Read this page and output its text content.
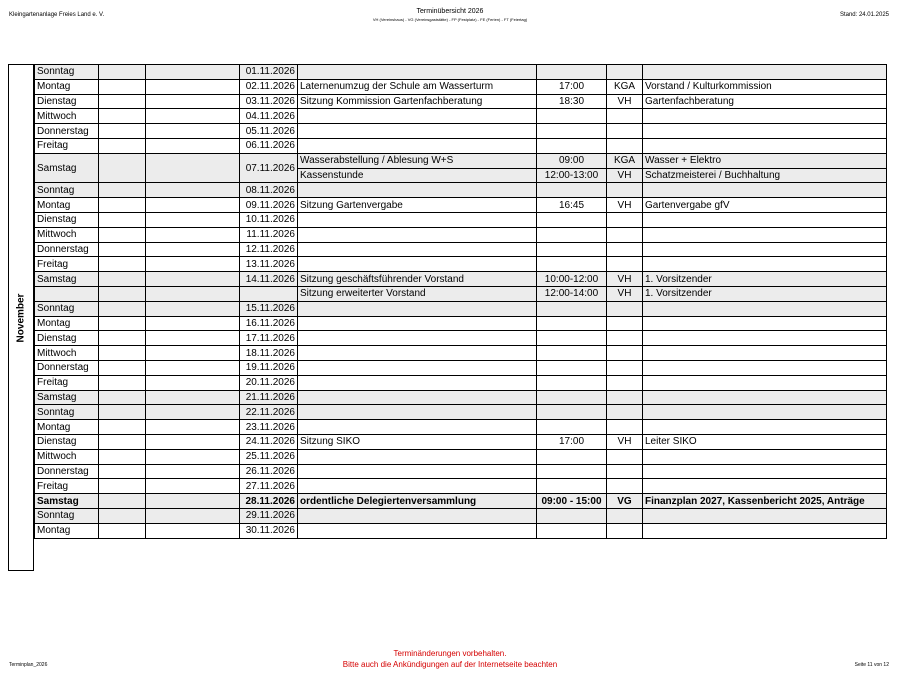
Kleingartenanlage Freies Land e. V.	Terminübersicht 2026
VH (Vereinshaus) - VG (Vereinsgaststätte) - FP (Festplatz) - FE (Ferien) - FT (Feiertag)
Stand: 24.01.2025
November
Sonntag			01.11.2026				
Montag			02.11.2026	Laternenumzug der Schule am Wasserturm	17:00	KGA	Vorstand / Kulturkommission
Dienstag			03.11.2026	Sitzung Kommission Gartenfachberatung	18:30	VH	Gartenfachberatung
Mittwoch			04.11.2026				
Donnerstag			05.11.2026				
Freitag			06.11.2026				
Samstag			07.11.2026	Wasserabstellung / Ablesung W+S	09:00	KGA	Wasser + Elektro
				Kassenstunde	12:00-13:00	VH	Schatzmeisterei / Buchhaltung
Sonntag			08.11.2026				
Montag			09.11.2026	Sitzung Gartenvergabe	16:45	VH	Gartenvergabe gfV
Dienstag			10.11.2026				
Mittwoch			11.11.2026				
Donnerstag			12.11.2026				
Freitag			13.11.2026				
Samstag			14.11.2026	Sitzung geschäftsführender Vorstand	10:00-12:00	VH	1. Vorsitzender
				Sitzung erweiterter Vorstand	12:00-14:00	VH	1. Vorsitzender
Sonntag			15.11.2026				
Montag			16.11.2026				
Dienstag			17.11.2026				
Mittwoch			18.11.2026				
Donnerstag			19.11.2026				
Freitag			20.11.2026				
Samstag			21.11.2026				
Sonntag			22.11.2026				
Montag			23.11.2026				
Dienstag			24.11.2026	Sitzung SIKO	17:00	VH	Leiter SIKO
Mittwoch			25.11.2026				
Donnerstag			26.11.2026				
Freitag			27.11.2026				
Samstag			28.11.2026	ordentliche Delegiertenversammlung	09:00 - 15:00	VG	Finanzplan 2027, Kassenbericht 2025, Anträge
Sonntag			29.11.2026				
Montag			30.11.2026				
Terminplan_2026
Terminänderungen vorbehalten.
Bitte auch die Ankündigungen auf der Internetseite beachten	Seite 11 von 12
